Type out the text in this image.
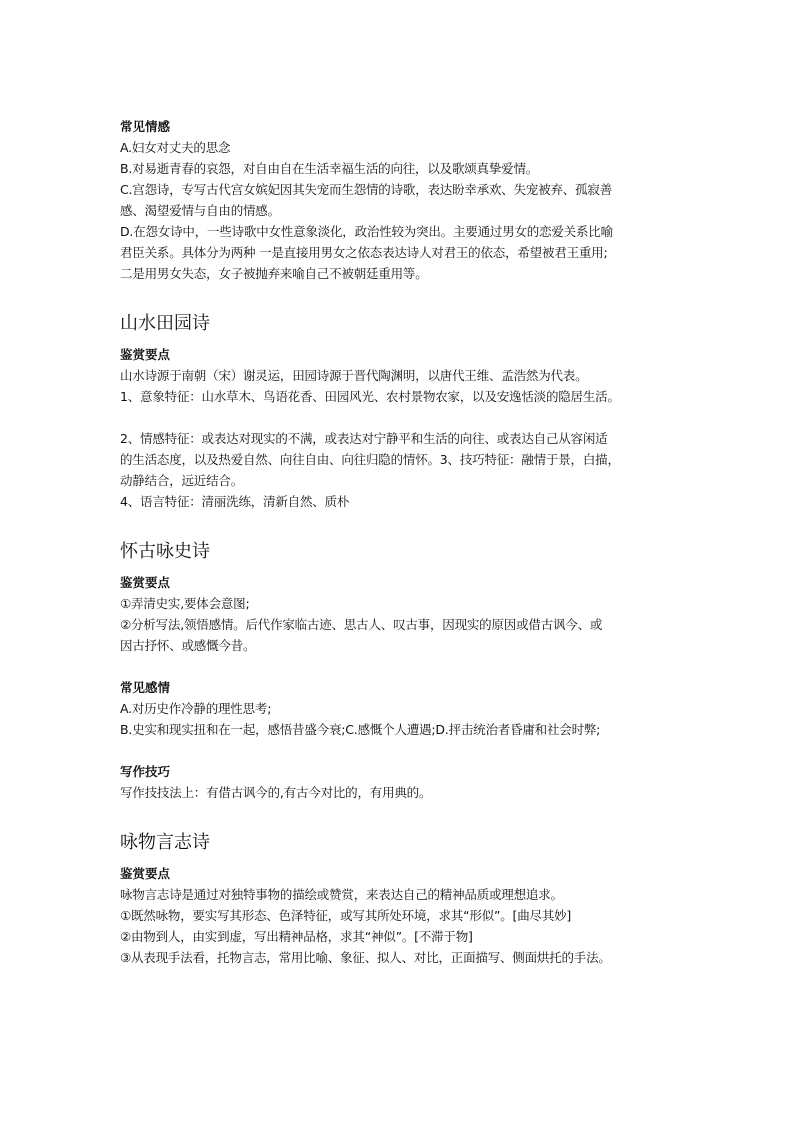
常见情感

A.妇女对丈夫的思念

B.对易逝青春的哀怨，对自由自在生活幸福生活的向往，以及歌颂真挚爱情。

C.宫怨诗，专写古代宫女嫔妃因其失宠而生怨情的诗歌，表达盼幸承欢、失宠被弃、孤寂善

感、渴望爱情与自由的情感。

D.在怨女诗中，一些诗歌中女性意象淡化，政治性较为突出。主要通过男女的恋爱关系比喻

君臣关系。具体分为两种 一是直接用男女之依态表达诗人对君王的依态，希望被君王重用;

二是用男女失态，女子被抛弃来喻自己不被朝廷重用等。

山水田园诗

鉴赏要点

山水诗源于南朝（宋）谢灵运，田园诗源于晋代陶渊明，以唐代王维、孟浩然为代表。

1、意象特征：山水草木、鸟语花香、田园风光、农村景物农家，以及安逸恬淡的隐居生活。

2、情感特征：或表达对现实的不满，或表达对宁静平和生活的向往、或表达自己从容闲适

的生活态度，以及热爱自然、向往自由、向往归隐的情怀。3、技巧特征：融情于景，白描，

动静结合，远近结合。

4、语言特征：清丽洗练，清新自然、质朴

怀古咏史诗

鉴赏要点

①弄清史实,要体会意图;

②分析写法,领悟感情。后代作家临古迹、思古人、叹古事，因现实的原因或借古讽今、或

因古抒怀、或感慨今昔。

常见感情

A.对历史作冷静的理性思考;

B.史实和现实扭和在一起，感悟昔盛今衰;C.感慨个人遭遇;D.抨击统治者昏庸和社会时弊;

写作技巧

写作技技法上：有借古讽今的,有古今对比的，有用典的。

咏物言志诗

鉴赏要点

咏物言志诗是通过对独特事物的描绘或赞赏，来表达自己的精神品质或理想追求。

①既然咏物，要实写其形态、色泽特征，或写其所处环境，求其“形似”。[曲尽其妙]

②由物到人，由实到虚，写出精神品格，求其“神似”。[不滞于物]

③从表现手法看，托物言志，常用比喻、象征、拟人、对比，正面描写、侧面烘托的手法。
